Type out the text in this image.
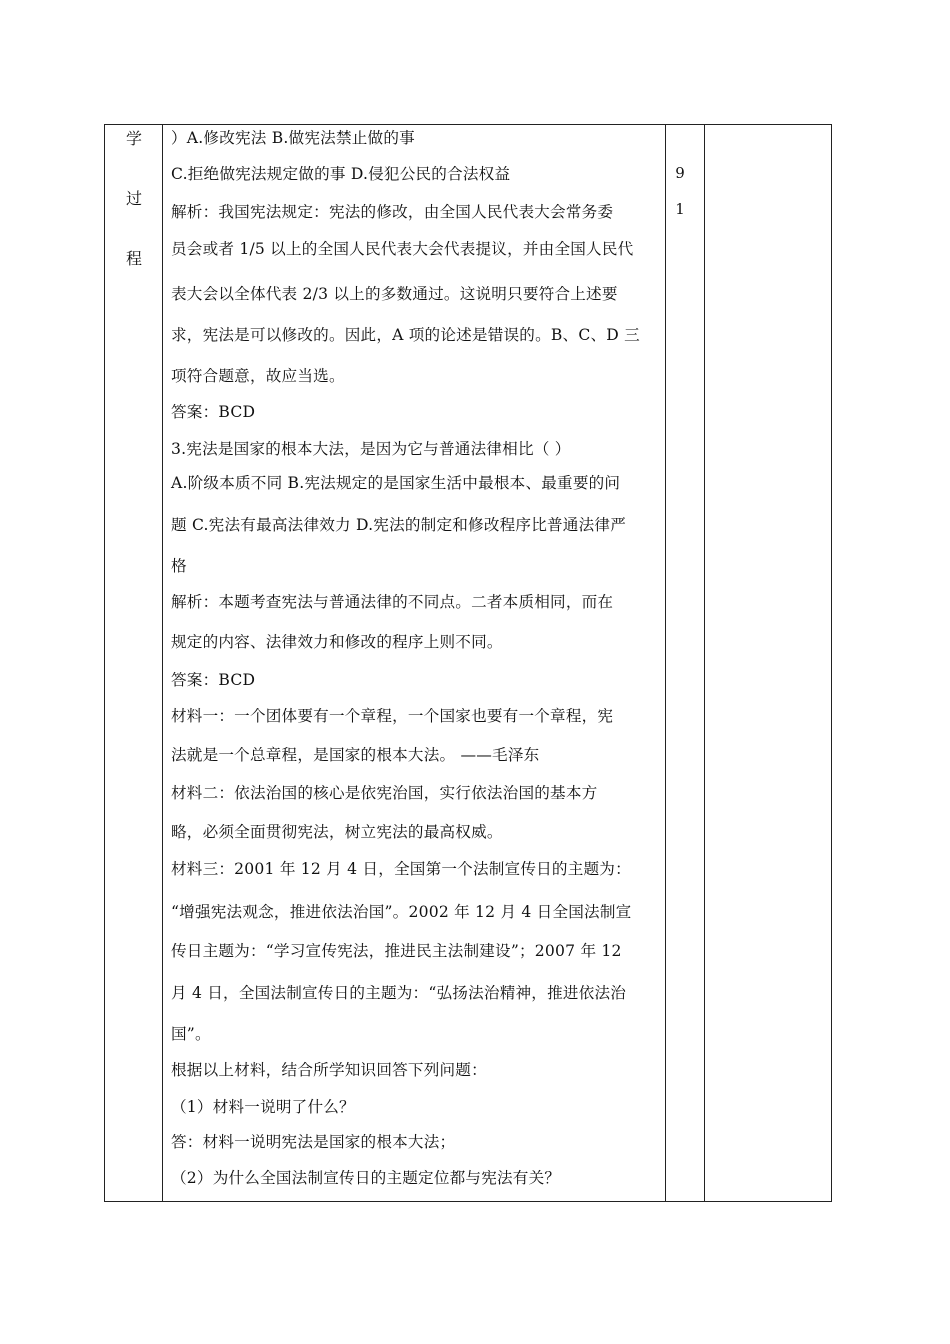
学
过
程
）A.修改宪法 B.做宪法禁止做的事
C.拒绝做宪法规定做的事 D.侵犯公民的合法权益
解析：我国宪法规定：宪法的修改，由全国人民代表大会常务委
员会或者 1/5 以上的全国人民代表大会代表提议，并由全国人民代
表大会以全体代表 2/3 以上的多数通过。这说明只要符合上述要
求，宪法是可以修改的。因此，A 项的论述是错误的。B、C、D 三
项符合题意，故应当选。
答案：BCD
3.宪法是国家的根本大法，是因为它与普通法律相比（ ）
A.阶级本质不同 B.宪法规定的是国家生活中最根本、最重要的问
题 C.宪法有最高法律效力 D.宪法的制定和修改程序比普通法律严
格
解析：本题考查宪法与普通法律的不同点。二者本质相同，而在
规定的内容、法律效力和修改的程序上则不同。
答案：BCD
材料一：一个团体要有一个章程，一个国家也要有一个章程，宪
法就是一个总章程，是国家的根本大法。 ——毛泽东
材料二：依法治国的核心是依宪治国，实行依法治国的基本方
略，必须全面贯彻宪法，树立宪法的最高权威。
材料三：2001 年 12 月 4 日，全国第一个法制宣传日的主题为：
“增强宪法观念，推进依法治国”。2002 年 12 月 4 日全国法制宣
传日主题为：“学习宣传宪法，推进民主法制建设”；2007 年 12
月 4 日，全国法制宣传日的主题为：“弘扬法治精神，推进依法治
国”。
根据以上材料，结合所学知识回答下列问题：
（1）材料一说明了什么？
答：材料一说明宪法是国家的根本大法；
（2）为什么全国法制宣传日的主题定位都与宪法有关？
9
1
